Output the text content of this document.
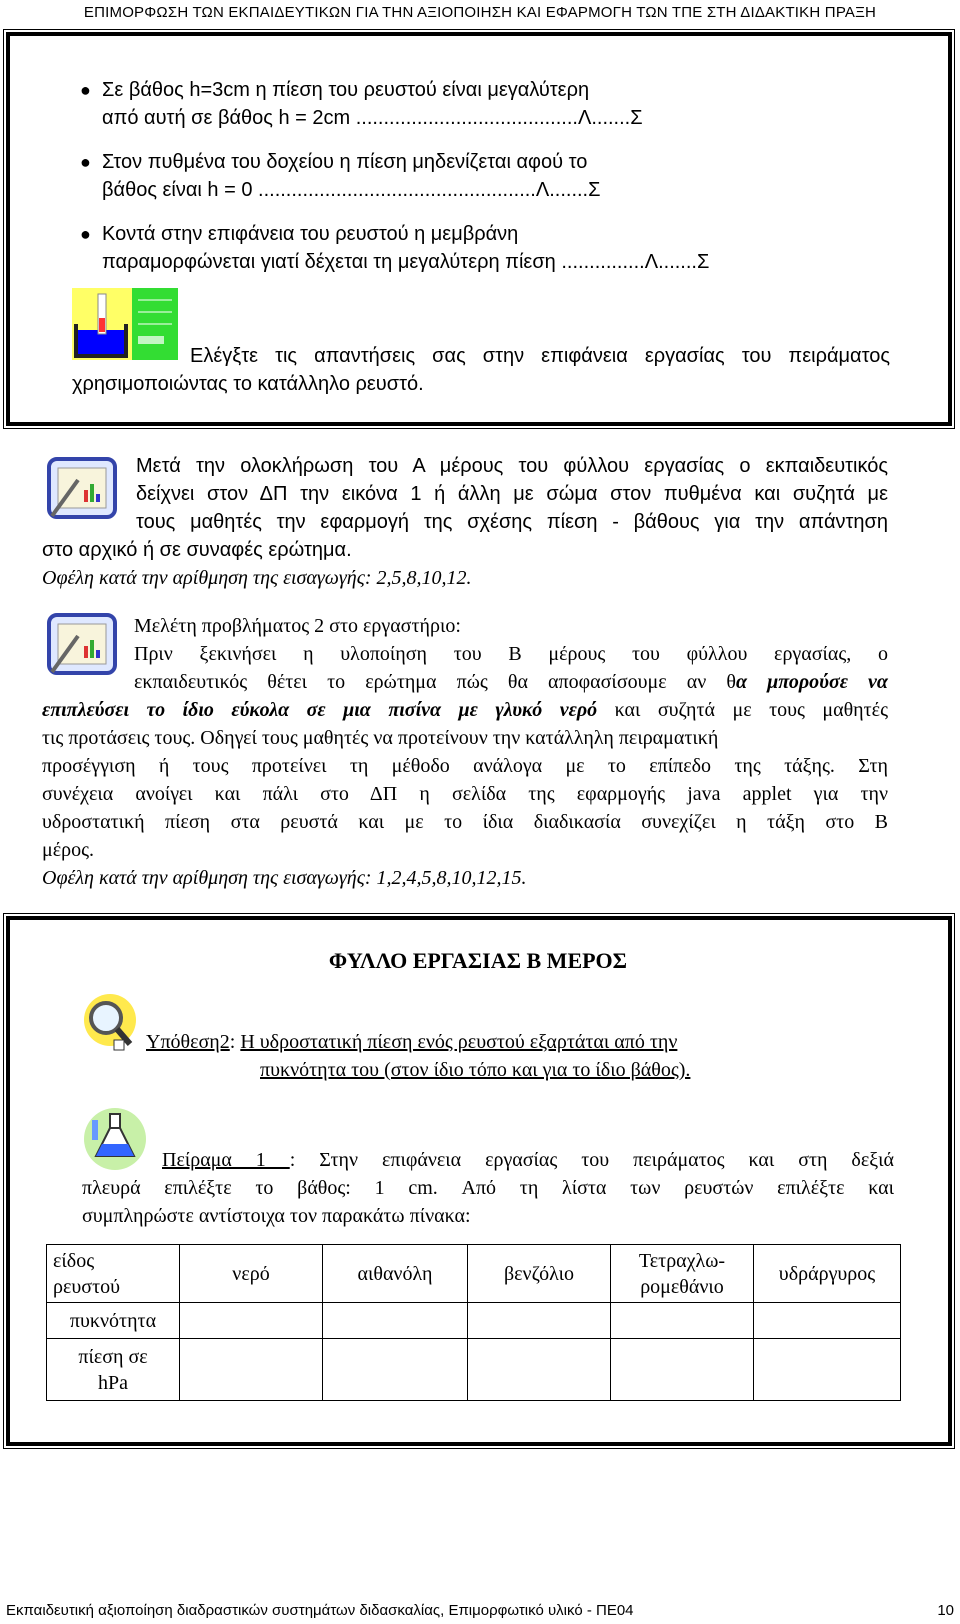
ΕΠΙΜΟΡΦΩΣΗ ΤΩΝ ΕΚΠΑΙΔΕΥΤΙΚΩΝ ΓΙΑ ΤΗΝ ΑΞΙΟΠΟΙΗΣΗ ΚΑΙ ΕΦΑΡΜΟΓΗ ΤΩΝ ΤΠΕ ΣΤΗ ΔΙΔΑΚΤΙΚΗ ΠΡΑΞΗ
● Σε βάθος h=3cm η πίεση του ρευστού είναι μεγαλύτερη
από αυτή σε βάθος h = 2cm ........................................Λ.......Σ
● Στον πυθμένα του δοχείου η πίεση μηδενίζεται αφού το
βάθος είναι h = 0 ..................................................Λ.......Σ
● Κοντά στην επιφάνεια του ρευστού η μεμβράνη
παραμορφώνεται γιατί δέχεται τη μεγαλύτερη πίεση ...............Λ.......Σ
Ελέγξτε τις απαντήσεις σας στην επιφάνεια εργασίας του πειράματος
χρησιμοποιώντας το κατάλληλο ρευστό.
Μετά την ολοκλήρωση του Α μέρους του φύλλου εργασίας ο εκπαιδευτικός
δείχνει στον ΔΠ την εικόνα 1 ή άλλη με σώμα στον πυθμένα και συζητά με
τους μαθητές την εφαρμογή της σχέσης πίεση - βάθους για την απάντηση
στο αρχικό ή σε συναφές ερώτημα.
Οφέλη κατά την αρίθμηση της εισαγωγής: 2,5,8,10,12.
Μελέτη προβλήματος 2 στο εργαστήριο:
Πριν ξεκινήσει η υλοποίηση του Β μέρους του φύλλου εργασίας, ο
εκπαιδευτικός θέτει το ερώτημα πώς θα αποφασίσουμε αν θα μπορούσε να
επιπλεύσει το ίδιο εύκολα σε μια πισίνα με γλυκό νερό και συζητά με τους μαθητές
τις προτάσεις τους. Οδηγεί τους μαθητές να προτείνουν την κατάλληλη πειραματική
προσέγγιση ή τους προτείνει τη μέθοδο ανάλογα με το επίπεδο της τάξης. Στη
συνέχεια ανοίγει και πάλι στο ΔΠ η σελίδα της εφαρμογής java applet για την
υδροστατική πίεση στα ρευστά και με το ίδια διαδικασία συνεχίζει η τάξη στο Β
μέρος.
Οφέλη κατά την αρίθμηση της εισαγωγής: 1,2,4,5,8,10,12,15.
ΦΥΛΛΟ ΕΡΓΑΣΙΑΣ Β ΜΕΡΟΣ
Υπόθεση2: Η υδροστατική πίεση ενός ρευστού εξαρτάται από την
πυκνότητα του (στον ίδιο τόπο και για το ίδιο βάθος).
Πείραμα 1 : Στην επιφάνεια εργασίας του πειράματος και στη δεξιά
πλευρά επιλέξτε το βάθος: 1 cm. Από τη λίστα των ρευστών επιλέξτε και
συμπληρώστε αντίστοιχα τον παρακάτω πίνακα:
είδος
ρευστού	νερό	αιθανόλη	βενζόλιο	Τετραχλω-
ρομεθάνιο	υδράργυρος
πυκνότητα					
πίεση σε
hPa					
Εκπαιδευτική αξιοποίηση διαδραστικών συστημάτων διδασκαλίας, Επιμορφωτικό υλικό - ΠΕ04	10
